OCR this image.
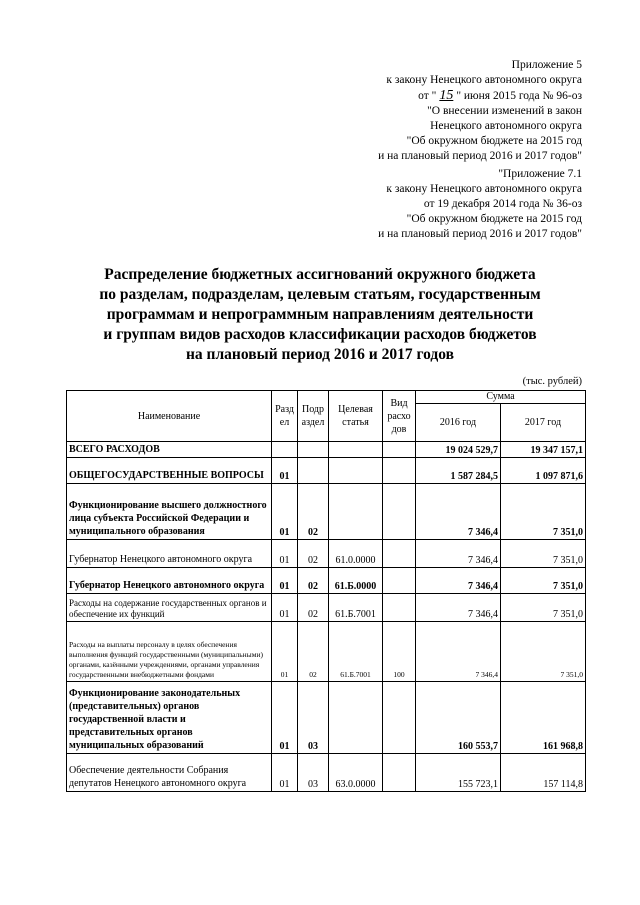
Приложение 5
к закону Ненецкого автономного округа
от " 15 " июня 2015 года № 96-оз
"О внесении изменений в закон
Ненецкого автономного округа
"Об окружном бюджете на 2015 год
и на плановый период 2016 и 2017 годов"
"Приложение 7.1
к закону Ненецкого автономного округа
от 19 декабря 2014 года № 36-оз
"Об окружном бюджете на 2015 год
и на плановый период 2016 и 2017 годов"
Распределение бюджетных ассигнований окружного бюджета
по разделам, подразделам, целевым статьям, государственным
программам и непрограммным направлениям деятельности
и группам видов расходов классификации расходов бюджетов
на плановый период 2016 и 2017 годов
(тыс. рублей)
Наименование	Разд ел	Подр аздел	Целевая статья	Вид расхо дов	Сумма	
					2016 год	2017 год
ВСЕГО РАСХОДОВ					19 024 529,7	19 347 157,1
ОБЩЕГОСУДАРСТВЕННЫЕ ВОПРОСЫ	01				1 587 284,5	1 097 871,6
Функционирование высшего должностного лица субъекта Российской Федерации и муниципального образования	01	02			7 346,4	7 351,0
Губернатор Ненецкого автономного округа	01	02	61.0.0000		7 346,4	7 351,0
Губернатор Ненецкого автономного округа	01	02	61.Б.0000		7 346,4	7 351,0
Расходы на содержание государственных органов и обеспечение их функций	01	02	61.Б.7001		7 346,4	7 351,0
Расходы на выплаты персоналу в целях обеспечения выполнения функций государственными (муниципальными) органами, казёнными учреждениями, органами управления государственными внебюджетными фондами	01	02	61.Б.7001	100	7 346,4	7 351,0
Функционирование законодательных (представительных) органов государственной власти и представительных органов муниципальных образований	01	03			160 553,7	161 968,8
Обеспечение деятельности Собрания депутатов Ненецкого автономного округа	01	03	63.0.0000		155 723,1	157 114,8
